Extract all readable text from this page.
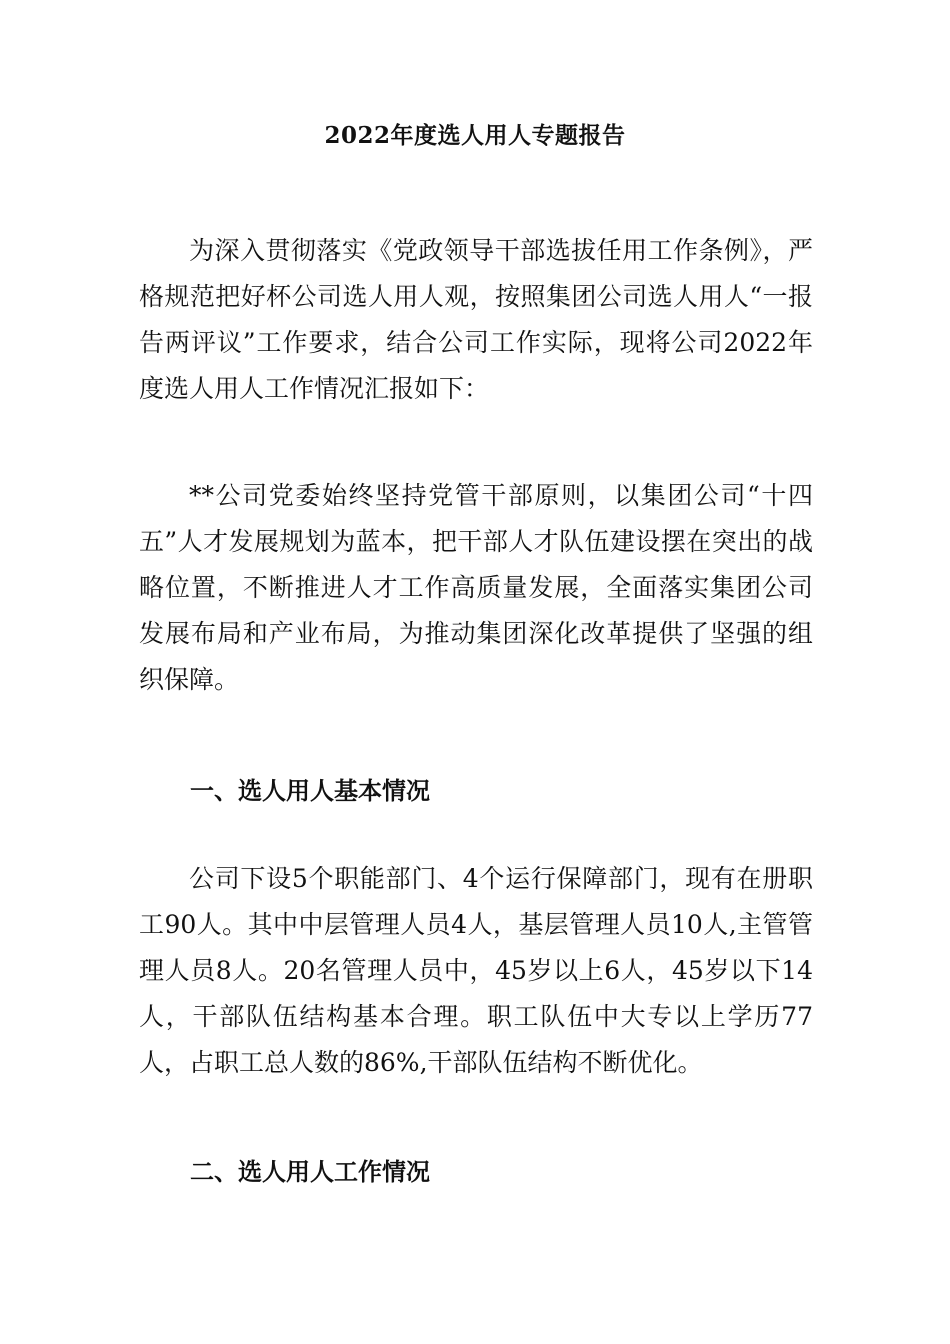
2022年度选人用人专题报告

为深入贯彻落实《党政领导干部选拔任用工作条例》，严格规范把好杯公司选人用人观，按照集团公司选人用人“一报告两评议”工作要求，结合公司工作实际，现将公司2022年度选人用人工作情况汇报如下：

**公司党委始终坚持党管干部原则，以集团公司“十四五”人才发展规划为蓝本，把干部人才队伍建设摆在突出的战略位置，不断推进人才工作高质量发展，全面落实集团公司发展布局和产业布局，为推动集团深化改革提供了坚强的组织保障。

一、选人用人基本情况

公司下设5个职能部门、4个运行保障部门，现有在册职工90人。其中中层管理人员4人，基层管理人员10人,主管管理人员8人。20名管理人员中，45岁以上6人，45岁以下14人，干部队伍结构基本合理。职工队伍中大专以上学历77人，占职工总人数的86%,干部队伍结构不断优化。

二、选人用人工作情况
